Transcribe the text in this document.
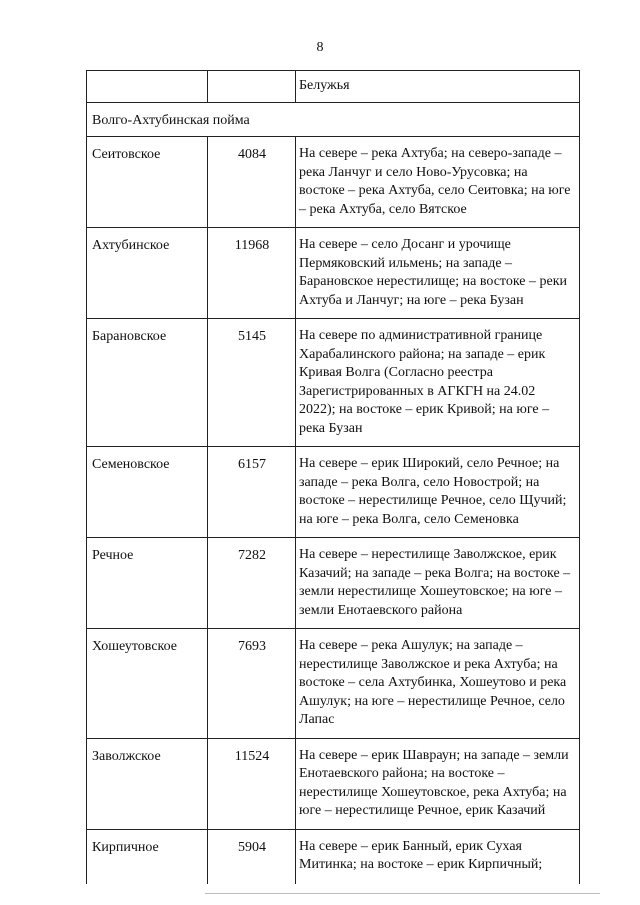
8
		Белужья
Волго-Ахтубинская пойма		
Сеитовское	4084	На севере – река Ахтуба; на северо-западе – река Ланчуг и село Ново-Урусовка; на востоке – река Ахтуба, село Сеитовка; на юге – река Ахтуба, село Вятское
Ахтубинское	11968	На севере – село Досанг и урочище Пермяковский ильмень; на западе – Барановское нерестилище; на востоке – реки Ахтуба и Ланчуг; на юге – река Бузан
Барановское	5145	На севере по административной границе Харабалинского района; на западе – ерик Кривая Волга (Согласно реестра Зарегистрированных в АГКГН на 24.02 2022); на востоке – ерик Кривой; на юге – река Бузан
Семеновское	6157	На севере – ерик Широкий, село Речное; на западе – река Волга, село Новострой; на востоке – нерестилище Речное, село Щучий; на юге – река Волга, село Семеновка
Речное	7282	На севере – нерестилище Заволжское, ерик Казачий; на западе – река Волга; на востоке – земли нерестилище Хошеутовское; на юге – земли Енотаевского района
Хошеутовское	7693	На севере – река Ашулук; на западе – нерестилище Заволжское и река Ахтуба; на востоке – села Ахтубинка, Хошеутово и река Ашулук; на юге – нерестилище Речное, село Лапас
Заволжское	11524	На севере – ерик Шавраун; на западе – земли Енотаевского района; на востоке – нерестилище Хошеутовское, река Ахтуба; на юге – нерестилище Речное, ерик Казачий
Кирпичное	5904	На севере – ерик Банный, ерик Сухая Митинка; на востоке – ерик Кирпичный;
